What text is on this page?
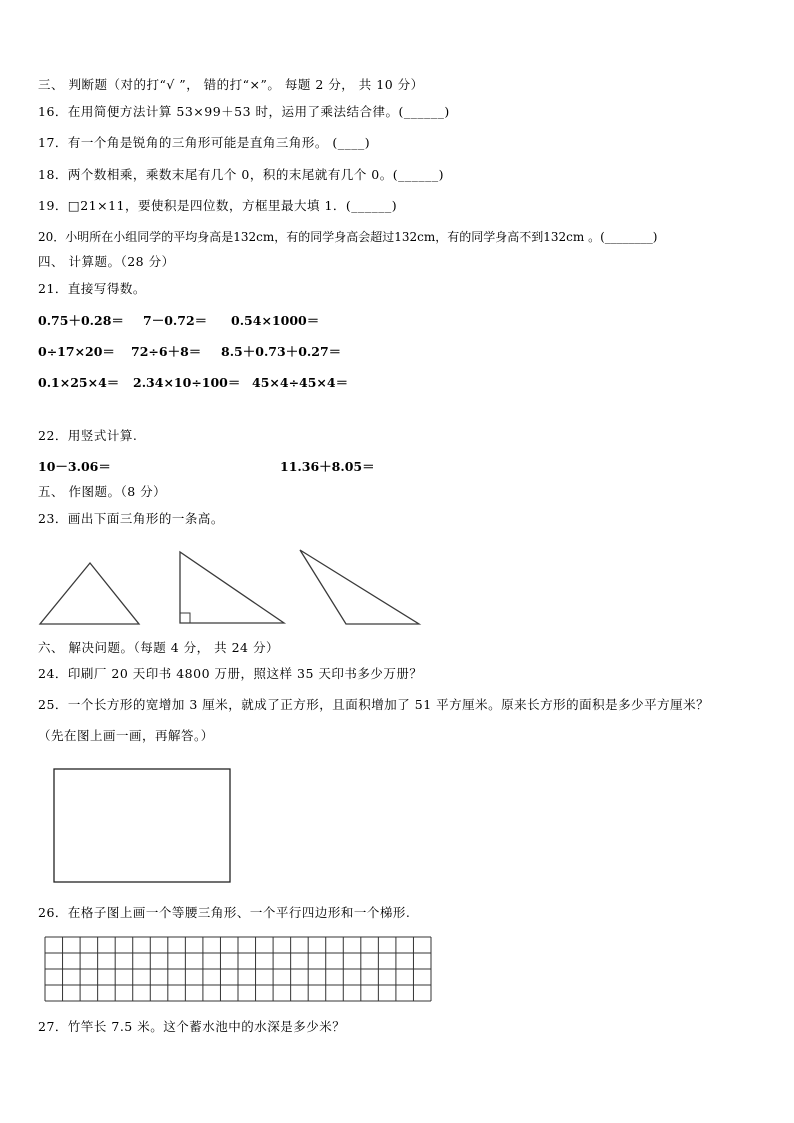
三、 判断题（对的打“√ ”， 错的打“×”。 每题 2 分， 共 10 分）
16．在用简便方法计算 53×99＋53 时，运用了乘法结合律。(______)
17．有一个角是锐角的三角形可能是直角三角形。 (____)
18．两个数相乘，乘数末尾有几个 0，积的末尾就有几个 0。(______)
19．□21×11，要使积是四位数，方框里最大填 1．(______)
20．小明所在小组同学的平均身高是132cm，有的同学身高会超过132cm，有的同学身高不到132cm 。(________)
四、 计算题。（28 分）
21．直接写得数。
0.75＋0.28＝ 7－0.72＝ 0.54×1000＝
0÷17×20＝ 72÷6＋8＝ 8.5＋0.73＋0.27＝
0.1×25×4＝ 2.34×10÷100＝ 45×4÷45×4＝
22．用竖式计算.
10－3.06＝	11.36＋8.05＝
五、 作图题。（8 分）
23．画出下面三角形的一条高。
六、 解决问题。（每题 4 分， 共 24 分）
24．印刷厂 20 天印书 4800 万册，照这样 35 天印书多少万册？
25．一个长方形的宽增加 3 厘米，就成了正方形，且面积增加了 51 平方厘米。原来长方形的面积是多少平方厘米？
（先在图上画一画，再解答。）
26．在格子图上画一个等腰三角形、一个平行四边形和一个梯形.
27．竹竿长 7.5 米。这个蓄水池中的水深是多少米？
